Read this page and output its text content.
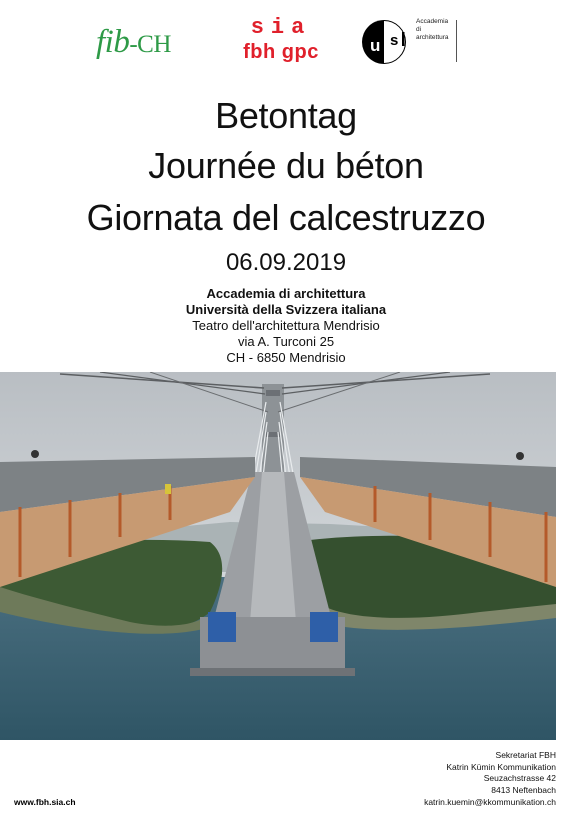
fib-CH
sia
fbh gpc	u s
Accademia
di
architettura
Betontag
Journée du béton
Giornata del calcestruzzo
06.09.2019
Accademia di architettura
Università della Svizzera italiana
Teatro dell'architettura Mendrisio
via A. Turconi 25
CH - 6850 Mendrisio
www.fbh.sia.ch
Sekretariat FBH
Katrin Kümin Kommunikation
Seuzachstrasse 42
8413 Neftenbach
katrin.kuemin@kkommunikation.ch
